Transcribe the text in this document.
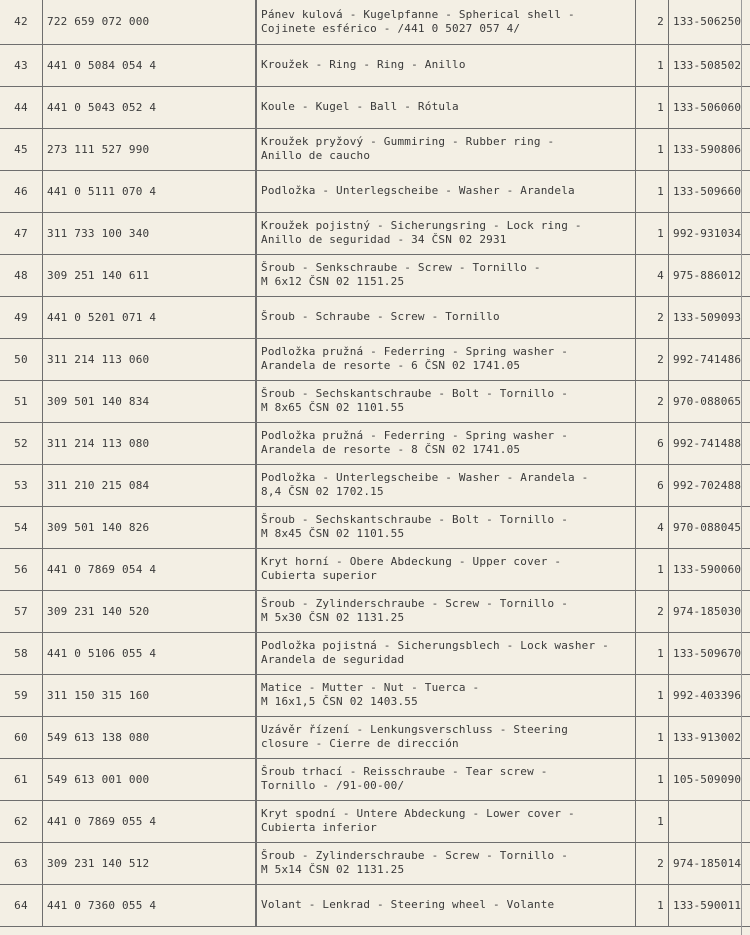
42	722 659 072 000	Pánev kulová - Kugelpfanne - Spherical shell -
Cojinete esférico - /441 0 5027 057 4/	2	133-506250
43	441 0 5084 054 4	Kroužek - Ring - Ring - Anillo	1	133-508502
44	441 0 5043 052 4	Koule - Kugel - Ball - Rótula	1	133-506060
45	273 111 527 990	Kroužek pryžový - Gummiring - Rubber ring -
Anillo de caucho	1	133-590806
46	441 0 5111 070 4	Podložka - Unterlegscheibe - Washer - Arandela	1	133-509660
47	311 733 100 340	Kroužek pojistný - Sicherungsring - Lock ring -
Anillo de seguridad - 34 ČSN 02 2931	1	992-931034
48	309 251 140 611	Šroub - Senkschraube - Screw - Tornillo -
M 6x12 ČSN 02 1151.25	4	975-886012
49	441 0 5201 071 4	Šroub - Schraube - Screw - Tornillo	2	133-509093
50	311 214 113 060	Podložka pružná - Federring - Spring washer -
Arandela de resorte - 6 ČSN 02 1741.05	2	992-741486
51	309 501 140 834	Šroub - Sechskantschraube - Bolt - Tornillo -
M 8x65 ČSN 02 1101.55	2	970-088065
52	311 214 113 080	Podložka pružná - Federring - Spring washer -
Arandela de resorte - 8 ČSN 02 1741.05	6	992-741488
53	311 210 215 084	Podložka - Unterlegscheibe - Washer - Arandela -
8,4 ČSN 02 1702.15	6	992-702488
54	309 501 140 826	Šroub - Sechskantschraube - Bolt - Tornillo -
M 8x45 ČSN 02 1101.55	4	970-088045
56	441 0 7869 054 4	Kryt horní - Obere Abdeckung - Upper cover -
Cubierta superior	1	133-590060
57	309 231 140 520	Šroub - Zylinderschraube - Screw - Tornillo -
M 5x30 ČSN 02 1131.25	2	974-185030
58	441 0 5106 055 4	Podložka pojistná - Sicherungsblech - Lock washer -
Arandela de seguridad	1	133-509670
59	311 150 315 160	Matice - Mutter - Nut - Tuerca -
M 16x1,5 ČSN 02 1403.55	1	992-403396
60	549 613 138 080	Uzávěr řízení - Lenkungsverschluss - Steering
closure - Cierre de dirección	1	133-913002
61	549 613 001 000	Šroub trhací - Reisschraube - Tear screw -
Tornillo - /91-00-00/	1	105-509090
62	441 0 7869 055 4	Kryt spodní - Untere Abdeckung - Lower cover -
Cubierta inferior	1	
63	309 231 140 512	Šroub - Zylinderschraube - Screw - Tornillo -
M 5x14 ČSN 02 1131.25	2	974-185014
64	441 0 7360 055 4	Volant - Lenkrad - Steering wheel - Volante	1	133-590011
